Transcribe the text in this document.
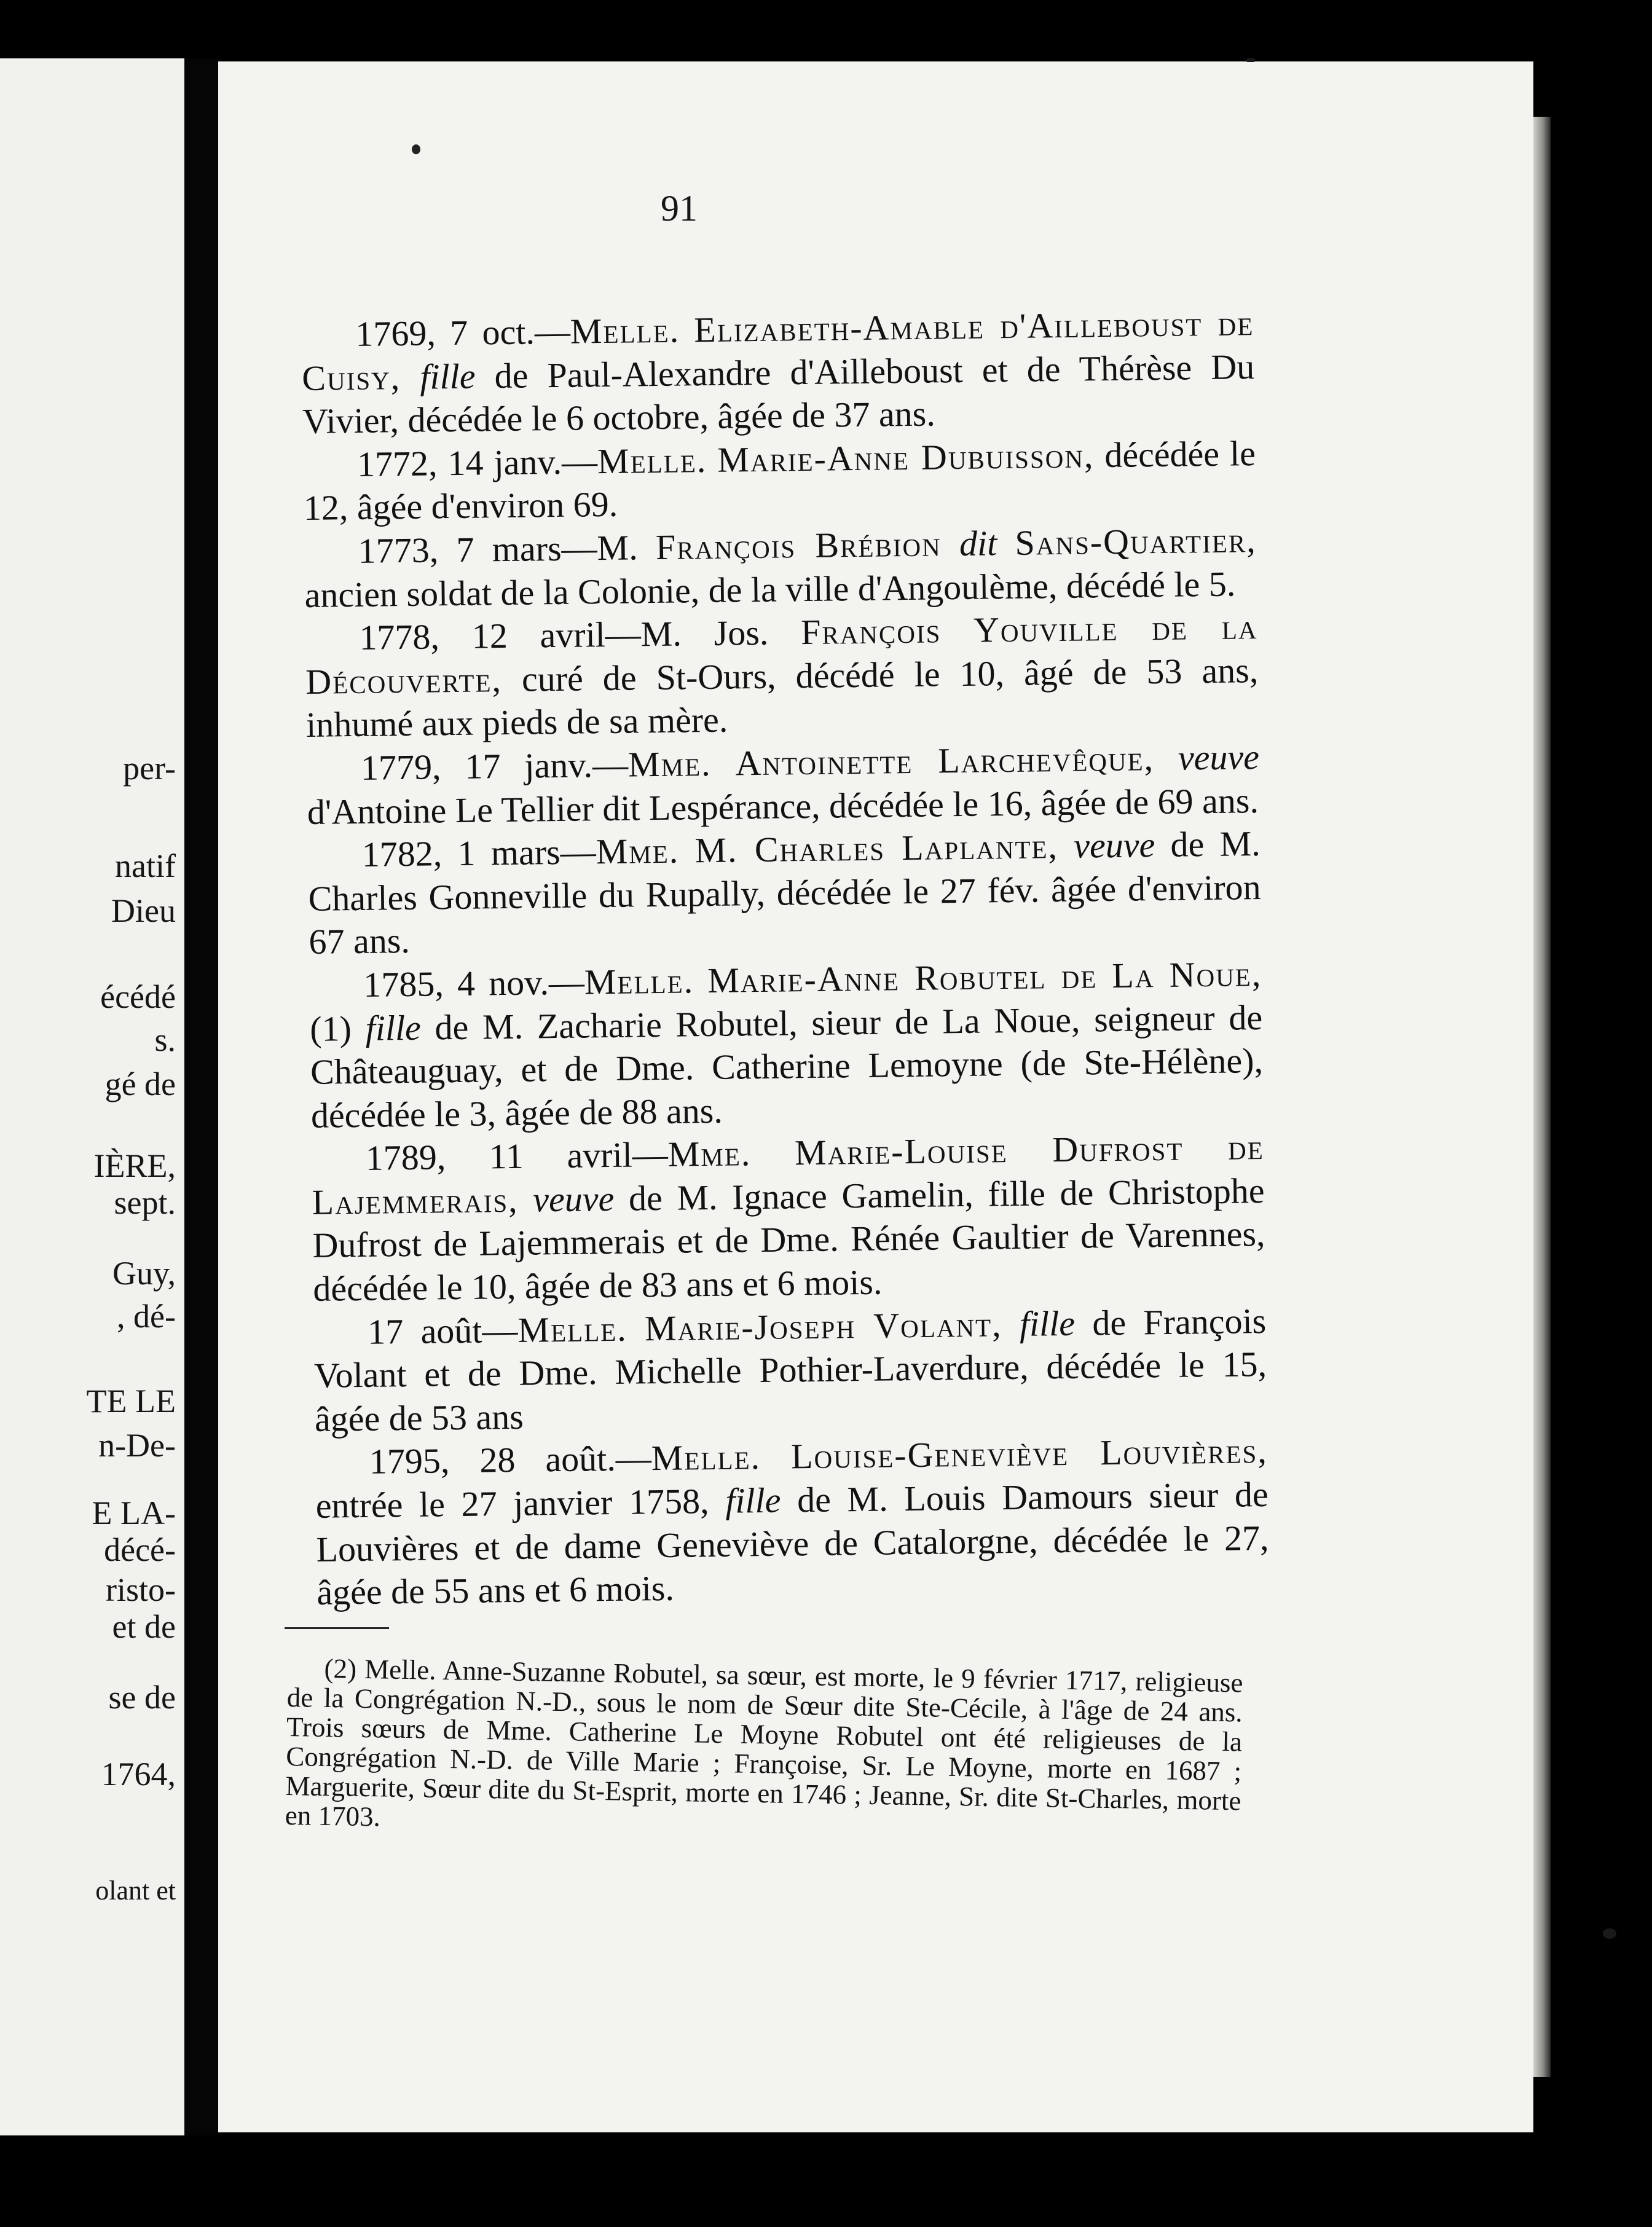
per-
natif
Dieu
écédé
s.
gé de
IÈRE,
sept.
Guy,
, dé-
TE LE
n-De-
E LA-
décé-
risto-
et de
se de
1764,
olant et
91

1769, 7 oct.—Melle. Elizabeth-Amable d'Ailleboust de Cuisy, fille de Paul-Alexandre d'Ailleboust et de Thérèse Du Vivier, décédée le 6 octobre, âgée de 37 ans.

1772, 14 janv.—Melle. Marie-Anne Dubuisson, décédée le 12, âgée d'environ 69.

1773, 7 mars—M. François Brébion dit Sans-Quartier, ancien soldat de la Colonie, de la ville d'Angoulème, décédé le 5.

1778, 12 avril—M. Jos. François Youville de la Découverte, curé de St-Ours, décédé le 10, âgé de 53 ans, inhumé aux pieds de sa mère.

1779, 17 janv.—Mme. Antoinette Larchevêque, veuve d'Antoine Le Tellier dit Lespérance, décédée le 16, âgée de 69 ans.

1782, 1 mars—Mme. M. Charles Laplante, veuve de M. Charles Gonneville du Rupally, décédée le 27 fév. âgée d'environ 67 ans.

1785, 4 nov.—Melle. Marie-Anne Robutel de La Noue, (1) fille de M. Zacharie Robutel, sieur de La Noue, seigneur de Châteauguay, et de Dme. Catherine Lemoyne (de Ste-Hélène), décédée le 3, âgée de 88 ans.

1789, 11 avril—Mme. Marie-Louise Dufrost de Lajemmerais, veuve de M. Ignace Gamelin, fille de Christophe Dufrost de Lajemmerais et de Dme. Rénée Gaultier de Varennes, décédée le 10, âgée de 83 ans et 6 mois.

17 août—Melle. Marie-Joseph Volant, fille de François Volant et de Dme. Michelle Pothier-Laverdure, décédée le 15, âgée de 53 ans

1795, 28 août.—Melle. Louise-Geneviève Louvières, entrée le 27 janvier 1758, fille de M. Louis Damours sieur de Louvières et de dame Geneviève de Catalorgne, décédée le 27, âgée de 55 ans et 6 mois.

(2) Melle. Anne-Suzanne Robutel, sa sœur, est morte, le 9 février 1717, religieuse de la Congrégation N.-D., sous le nom de Sœur dite Ste-Cécile, à l'âge de 24 ans. Trois sœurs de Mme. Catherine Le Moyne Robutel ont été religieuses de la Congrégation N.-D. de Ville Marie ; Françoise, Sr. Le Moyne, morte en 1687 ; Marguerite, Sœur dite du St-Esprit, morte en 1746 ; Jeanne, Sr. dite St-Charles, morte en 1703.
